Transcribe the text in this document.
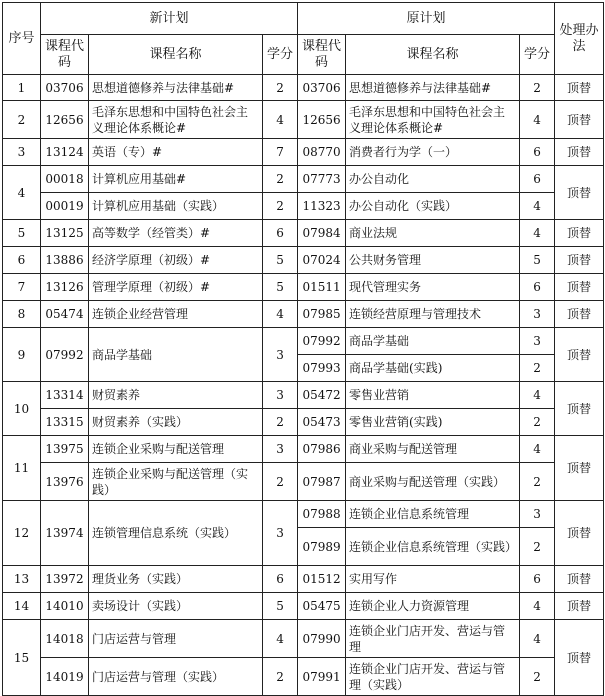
序号	新计划			原计划			处理办法
	课程代码	课程名称	学分	课程代码	课程名称	学分	
1	03706	思想道德修养与法律基础#	2	03706	思想道德修养与法律基础#	2	顶替
2	12656	毛泽东思想和中国特色社会主义理论体系概论#	4	12656	毛泽东思想和中国特色社会主义理论体系概论#	4	顶替
3	13124	英语（专）#	7	08770	消费者行为学（一）	6	顶替
4	00018	计算机应用基础#	2	07773	办公自动化	6	顶替
	00019	计算机应用基础（实践）	2	11323	办公自动化（实践）	4	
5	13125	高等数学（经管类）#	6	07984	商业法规	4	顶替
6	13886	经济学原理（初级）#	5	07024	公共财务管理	5	顶替
7	13126	管理学原理（初级）#	5	01511	现代管理实务	6	顶替
8	05474	连锁企业经营管理	4	07985	连锁经营原理与管理技术	3	顶替
9	07992	商品学基础	3	07992	商品学基础	3	顶替
				07993	商品学基础(实践)	2	
10	13314	财贸素养	3	05472	零售业营销	4	顶替
	13315	财贸素养（实践）	2	05473	零售业营销(实践)	2	
11	13975	连锁企业采购与配送管理	3	07986	商业采购与配送管理	4	顶替
	13976	连锁企业采购与配送管理（实践）	2	07987	商业采购与配送管理（实践）	2	
12	13974	连锁管理信息系统（实践）	3	07988	连锁企业信息系统管理	3	顶替
				07989	连锁企业信息系统管理（实践）	2	
13	13972	理货业务（实践）	6	01512	实用写作	6	顶替
14	14010	卖场设计（实践）	5	05475	连锁企业人力资源管理	4	顶替
15	14018	门店运营与管理	4	07990	连锁企业门店开发、营运与管理	4	顶替
	14019	门店运营与管理（实践）	2	07991	连锁企业门店开发、营运与管理（实践）	2	
